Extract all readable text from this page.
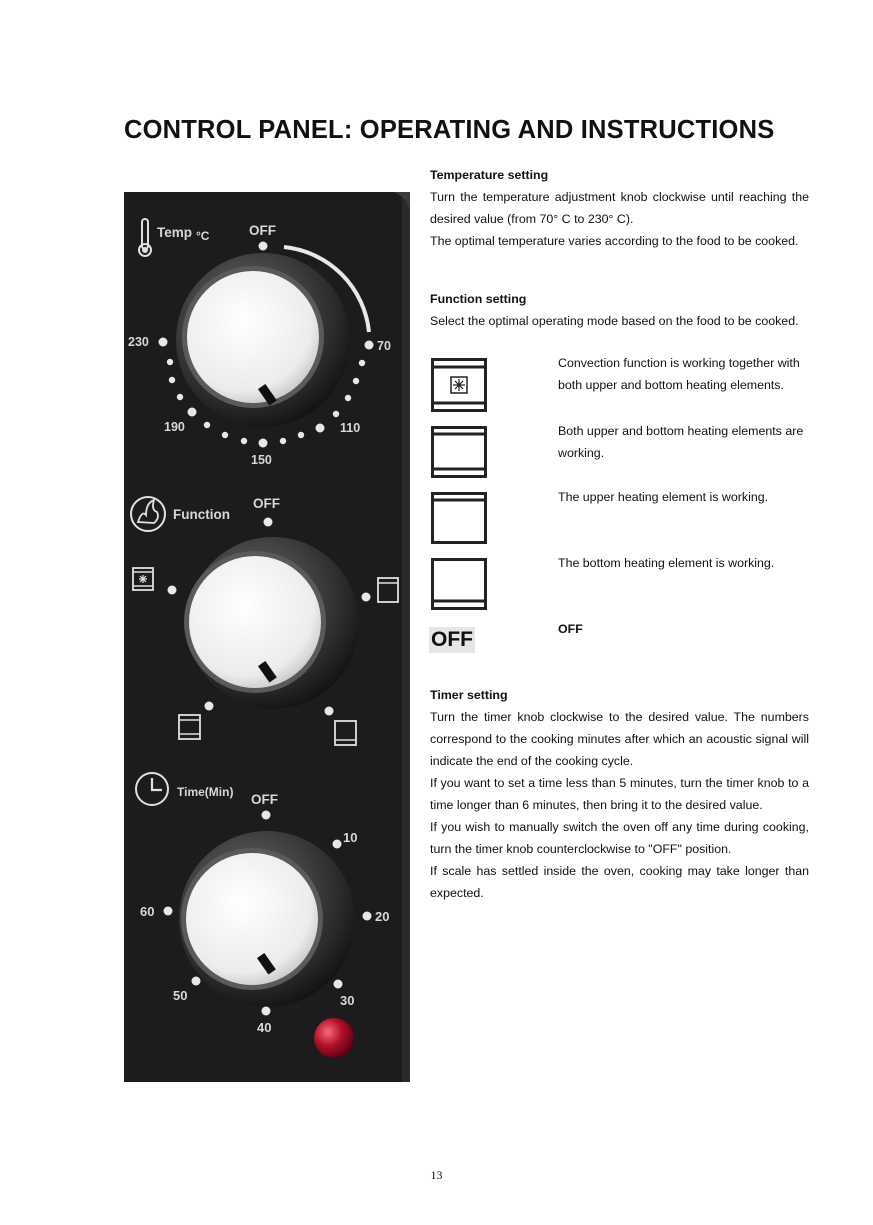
CONTROL PANEL: OPERATING AND INSTRUCTIONS
Temp °C	OFF
70
110
150
190
230
Function
OFF
Time(Min) OFF
10
20
30
40
50
60
Temperature setting
Turn the temperature adjustment knob clockwise until reaching the desired value (from 70° C to 230° C).
The optimal temperature varies according to the food to be cooked.
Function setting
Select the optimal operating mode based on the food to be cooked.
OFF
Convection function is working together with both upper and bottom heating elements.
Both upper and bottom heating elements are working.
The upper heating element is working.
The bottom heating element is working.
OFF
Timer setting
Turn the timer knob clockwise to the desired value. The numbers correspond to the cooking minutes after which an acoustic signal will indicate the end of the cooking cycle.
If you want to set a time less than 5 minutes, turn the timer knob to a time longer than 6 minutes, then bring it to the desired value.
If you wish to manually switch the oven off any time during cooking, turn the timer knob counterclockwise to "OFF" position.
If scale has settled inside the oven, cooking may take longer than expected.
13
